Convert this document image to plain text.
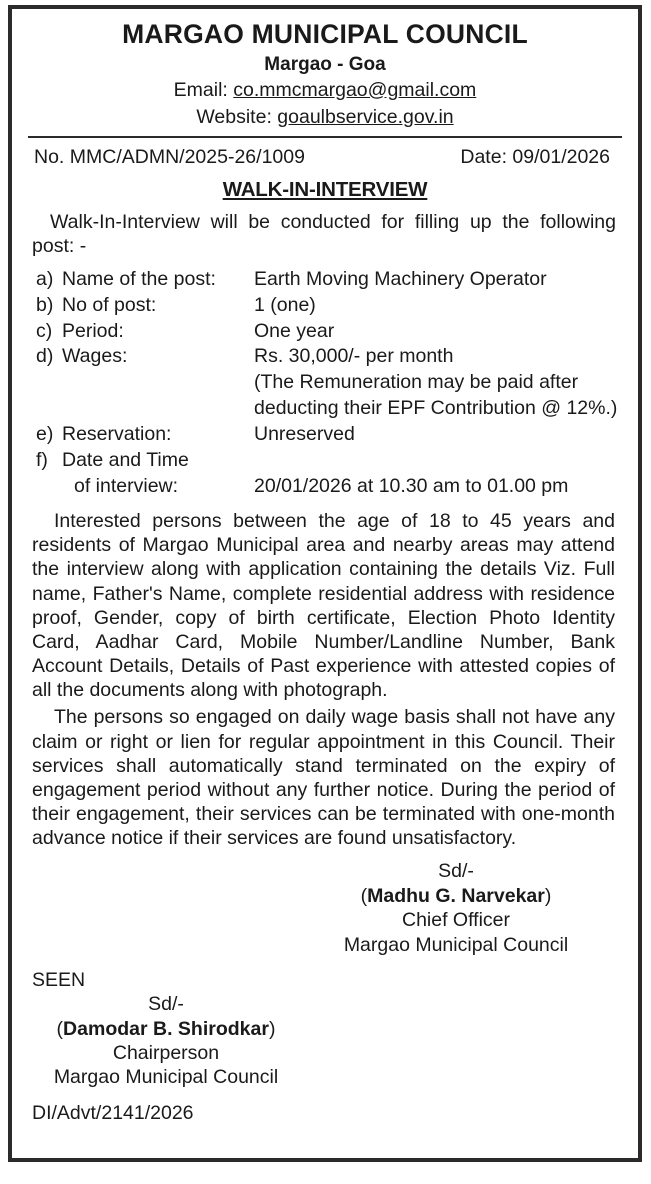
MARGAO MUNICIPAL COUNCIL
Margao - Goa
Email: co.mmcmargao@gmail.com
Website: goaulbservice.gov.in
No. MMC/ADMN/2025-26/1009	Date: 09/01/2026
WALK-IN-INTERVIEW
Walk-In-Interview will be conducted for filling up the following post: -
a) Name of the post:	Earth Moving Machinery Operator
b) No of post:	1 (one)
c) Period:	One year
d) Wages:	Rs. 30,000/- per month
(The Remuneration may be paid after
deducting their EPF Contribution @ 12%.)
e) Reservation:	Unreserved
f) Date and Time
of interview:	20/01/2026 at 10.30 am to 01.00 pm
Interested persons between the age of 18 to 45 years and residents of Margao Municipal area and nearby areas may attend the interview along with application containing the details Viz. Full name, Father's Name, complete residential address with residence proof, Gender, copy of birth certificate, Election Photo Identity Card, Aadhar Card, Mobile Number/Landline Number, Bank Account Details, Details of Past experience with attested copies of all the documents along with photograph.
The persons so engaged on daily wage basis shall not have any claim or right or lien for regular appointment in this Council. Their services shall automatically stand terminated on the expiry of engagement period without any further notice. During the period of their engagement, their services can be terminated with one-month advance notice if their services are found unsatisfactory.
Sd/-
(Madhu G. Narvekar)
Chief Officer
Margao Municipal Council
SEEN
Sd/-
(Damodar B. Shirodkar)
Chairperson
Margao Municipal Council
DI/Advt/2141/2026
